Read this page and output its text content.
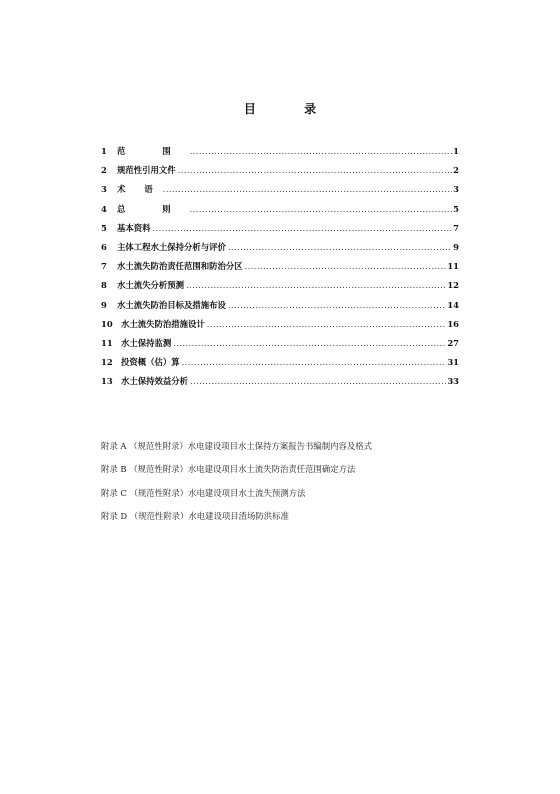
目 录
1	范 围 .....	1
2	规范性引用文件 .....	2
3	术 语 .....	3
4	总 则 .....	5
5	基本资料 .....	7
6	主体工程水土保持分析与评价 .....	9
7	水土流失防治责任范围和防治分区 .....	11
8	水土流失分析预测 .....	12
9	水土流失防治目标及措施布设 .....	14
10 水土流失防治措施设计 .....	16
11 水土保持监测 .....	27
12 投资概（估）算 .....	31
13 水土保持效益分析 .....	33
附录 A （规范性附录）水电建设项目水土保持方案报告书编制内容及格式
附录 B （规范性附录）水电建设项目水土流失防治责任范围确定方法
附录 C （规范性附录）水电建设项目水土流失预测方法
附录 D （规范性附录）水电建设项目渣场防洪标准
